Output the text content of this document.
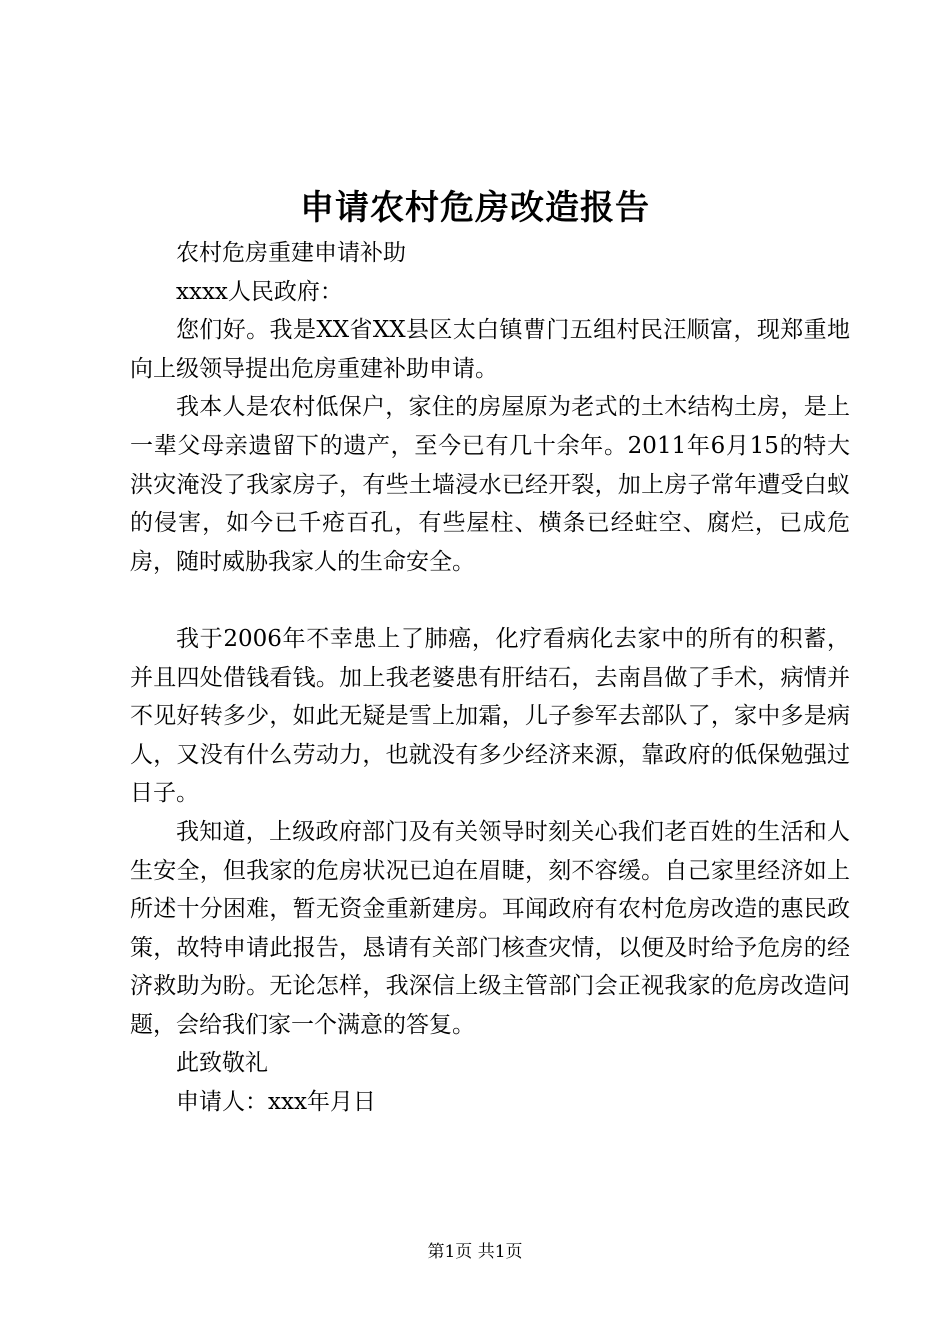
申请农村危房改造报告

农村危房重建申请补助

xxxx人民政府：

您们好。我是XX省XX县区太白镇曹门五组村民汪顺富，现郑重地向上级领导提出危房重建补助申请。

我本人是农村低保户，家住的房屋原为老式的土木结构土房，是上一辈父母亲遗留下的遗产，至今已有几十余年。2011年6月15的特大洪灾淹没了我家房子，有些土墙浸水已经开裂，加上房子常年遭受白蚁的侵害，如今已千疮百孔，有些屋柱、横条已经蛀空、腐烂，已成危房，随时威胁我家人的生命安全。

我于2006年不幸患上了肺癌，化疗看病化去家中的所有的积蓄，并且四处借钱看钱。加上我老婆患有肝结石，去南昌做了手术，病情并不见好转多少，如此无疑是雪上加霜，儿子参军去部队了，家中多是病人，又没有什么劳动力，也就没有多少经济来源，靠政府的低保勉强过日子。

我知道，上级政府部门及有关领导时刻关心我们老百姓的生活和人生安全，但我家的危房状况已迫在眉睫，刻不容缓。自己家里经济如上所述十分困难，暂无资金重新建房。耳闻政府有农村危房改造的惠民政策，故特申请此报告，恳请有关部门核查灾情，以便及时给予危房的经济救助为盼。无论怎样，我深信上级主管部门会正视我家的危房改造问题，会给我们家一个满意的答复。

此致敬礼

申请人：xxx年月日

第1页 共1页
